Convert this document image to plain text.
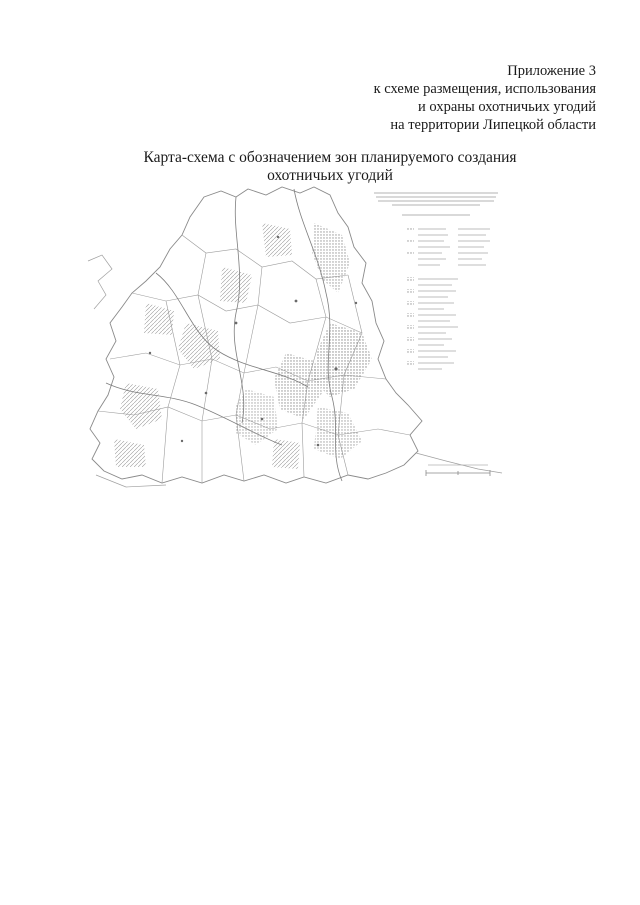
Приложение 3
к схеме размещения, использования
и охраны охотничьих угодий
на территории Липецкой области
Карта-схема с обозначением зон планируемого создания
охотничьих угодий
